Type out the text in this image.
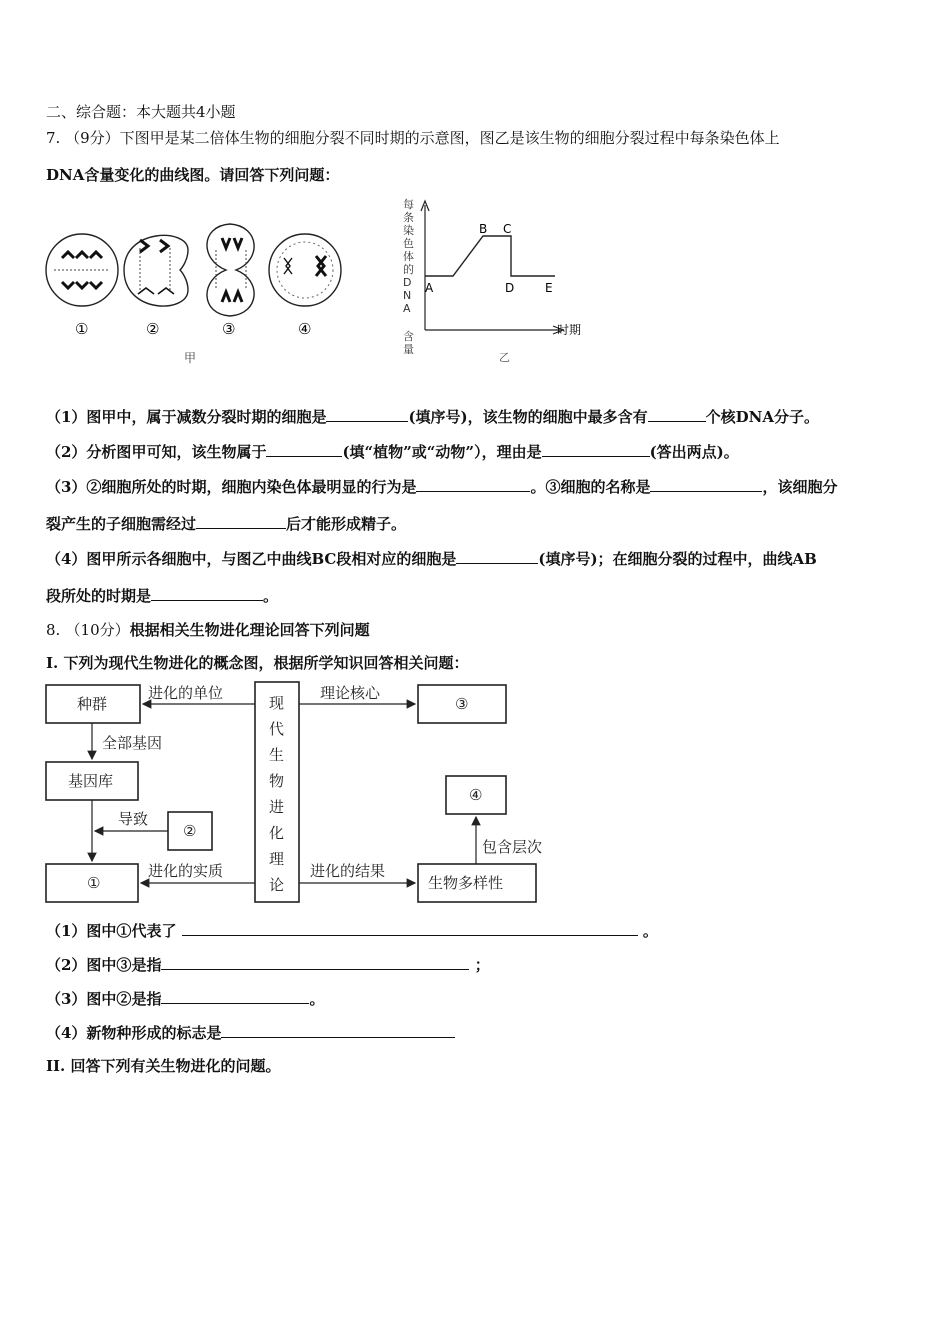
二、综合题：本大题共4小题
7. （9分）下图甲是某二倍体生物的细胞分裂不同时期的示意图，图乙是该生物的细胞分裂过程中每条染色体上
DNA含量变化的曲线图。请回答下列问题：
①	②	③	④
甲
每
条
染
色
体
的
D
N
A
含
量
A
B C
D	E
时期
乙
（1）图甲中，属于减数分裂时期的细胞是	(填序号)，该生物的细胞中最多含有	个核DNA分子。
（2）分析图甲可知，该生物属于	(填“植物”或“动物”），理由是	(答出两点)。
（3）②细胞所处的时期，细胞内染色体最明显的行为是	。③细胞的名称是	，该细胞分
裂产生的子细胞需经过	后才能形成精子。
（4）图甲所示各细胞中，与图乙中曲线BC段相对应的细胞是	(填序号)；在细胞分裂的过程中，曲线AB
段所处的时期是	。
8. （10分）根据相关生物进化理论回答下列问题
I. 下列为现代生物进化的概念图，根据所学知识回答相关问题：
现
代
生
物
进
化
理
论
种群
基因库
①
②
进化的单位
全部基因
导致
进化的实质
③
④
生物多样性
理论核心
进化的结果
包含层次
（1）图中①代表了	。
（2）图中③是指	；
（3）图中②是指	。
（4）新物种形成的标志是
II. 回答下列有关生物进化的问题。
